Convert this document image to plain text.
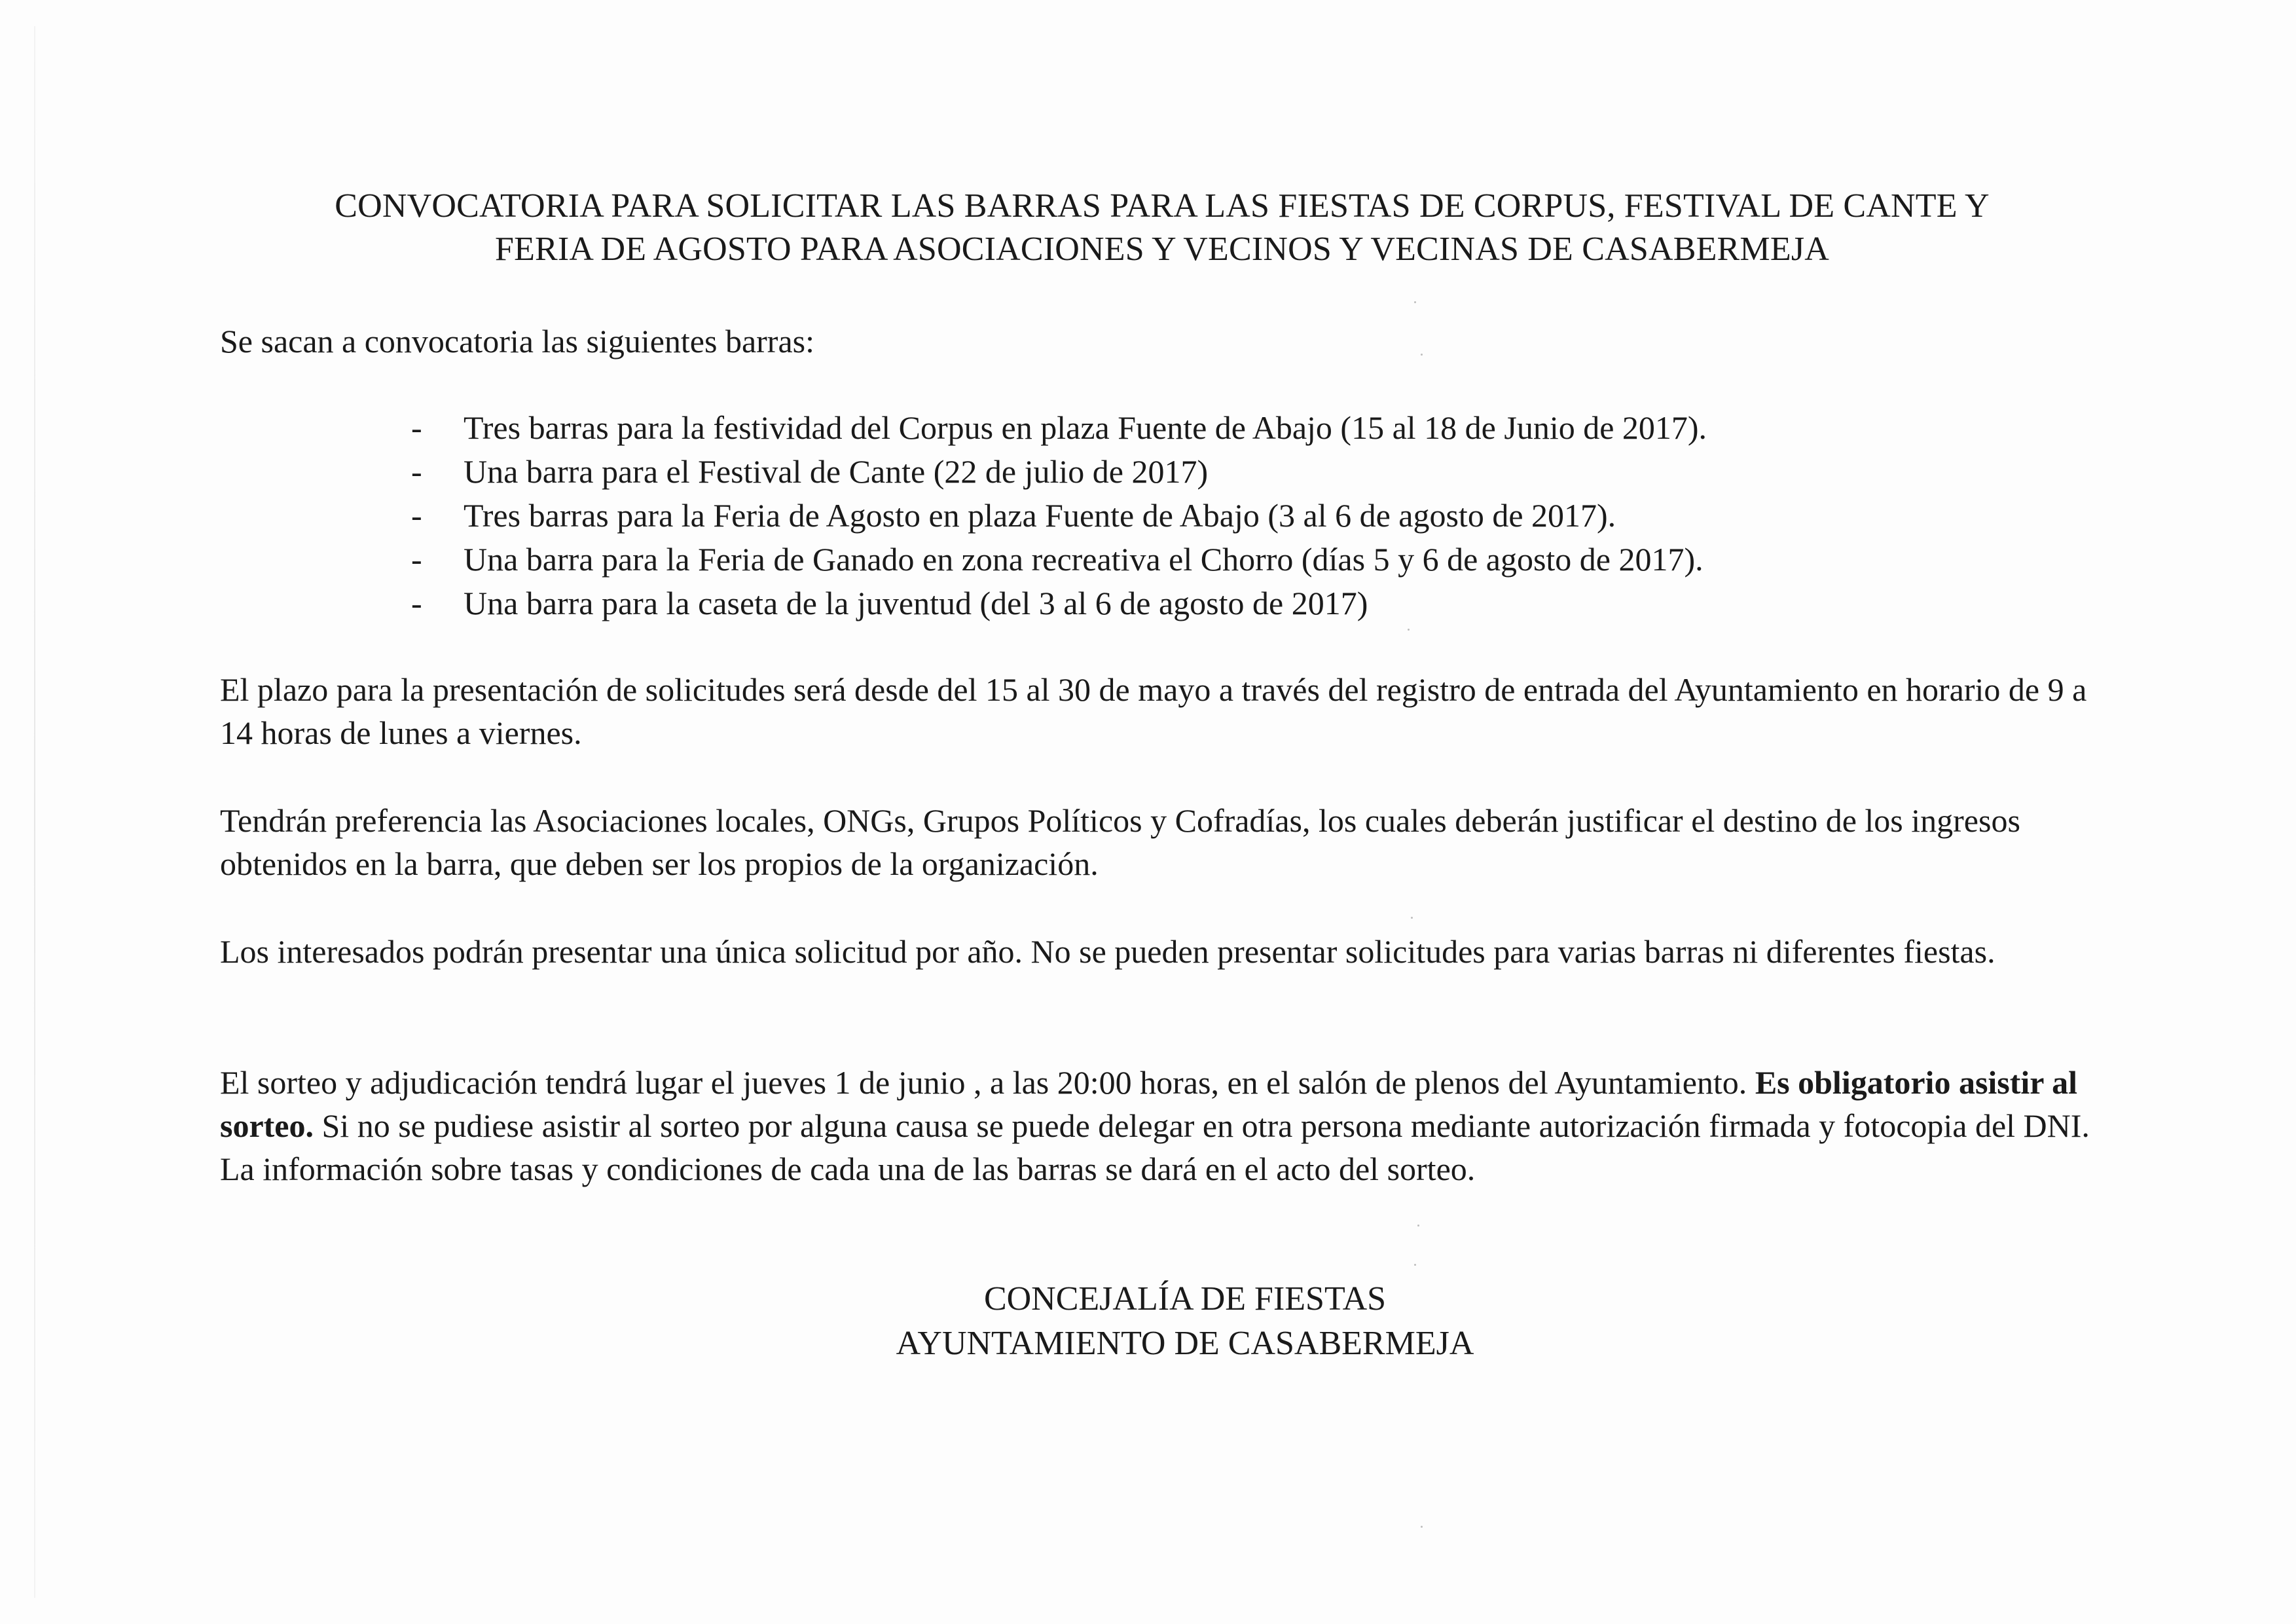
CONVOCATORIA PARA SOLICITAR LAS BARRAS PARA LAS FIESTAS DE CORPUS, FESTIVAL DE CANTE Y
FERIA DE AGOSTO PARA ASOCIACIONES Y VECINOS Y VECINAS DE CASABERMEJA
Se sacan a convocatoria las siguientes barras:
- Tres barras para la festividad del Corpus en plaza Fuente de Abajo (15 al 18 de Junio de 2017).
- Una barra para el Festival de Cante (22 de julio de 2017)
- Tres barras para la Feria de Agosto en plaza Fuente de Abajo (3 al 6 de agosto de 2017).
- Una barra para la Feria de Ganado en zona recreativa el Chorro (días 5 y 6 de agosto de 2017).
- Una barra para la caseta de la juventud (del 3 al 6 de agosto de 2017)
El plazo para la presentación de solicitudes será desde del 15 al 30 de mayo a través del registro de entrada del Ayuntamiento en horario de 9 a 14 horas de lunes a viernes.
Tendrán preferencia las Asociaciones locales, ONGs, Grupos Políticos y Cofradías, los cuales deberán justificar el destino de los ingresos obtenidos en la barra, que deben ser los propios de la organización.
Los interesados podrán presentar una única solicitud por año. No se pueden presentar solicitudes para varias barras ni diferentes fiestas.
El sorteo y adjudicación tendrá lugar el jueves 1 de junio , a las 20:00 horas, en el salón de plenos del Ayuntamiento. Es obligatorio asistir al sorteo. Si no se pudiese asistir al sorteo por alguna causa se puede delegar en otra persona mediante autorización firmada y fotocopia del DNI. La información sobre tasas y condiciones de cada una de las barras se dará en el acto del sorteo.
CONCEJALÍA DE FIESTAS
AYUNTAMIENTO DE CASABERMEJA
